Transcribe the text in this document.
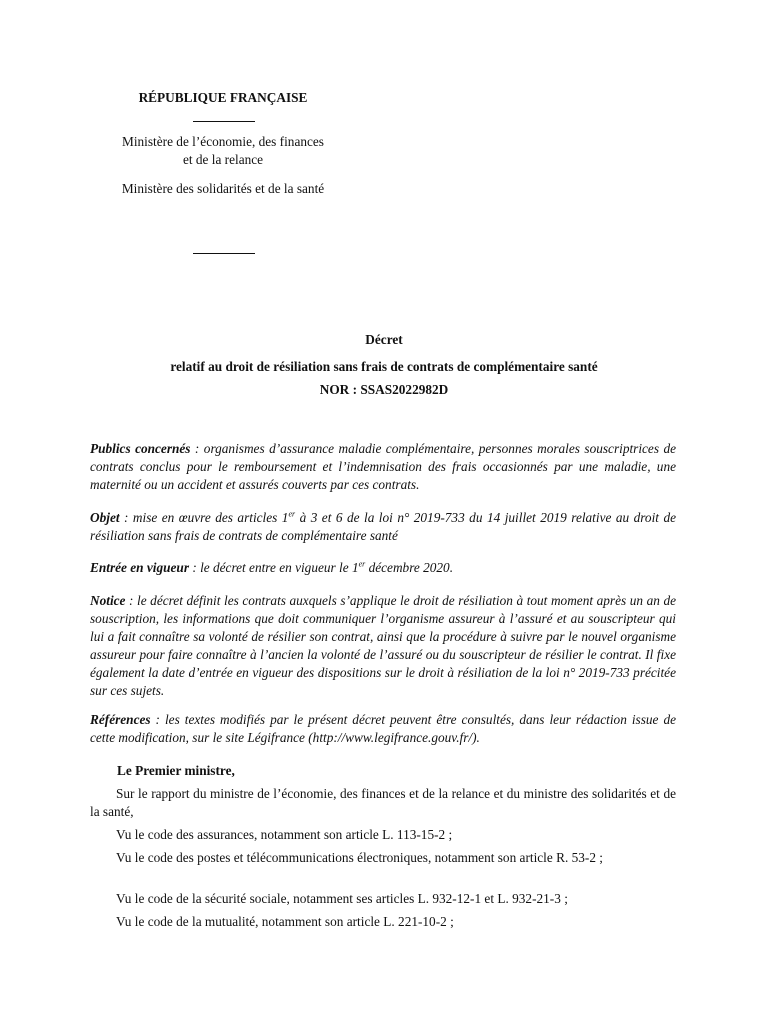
RÉPUBLIQUE FRANÇAISE
Ministère de l’économie, des finances
et de la relance
Ministère des solidarités et de la santé
Décret
relatif au droit de résiliation sans frais de contrats de complémentaire santé
NOR : SSAS2022982D

Publics concernés : organismes d’assurance maladie complémentaire, personnes morales souscriptrices de contrats conclus pour le remboursement et l’indemnisation des frais occasionnés par une maladie, une maternité ou un accident et assurés couverts par ces contrats.

Objet : mise en œuvre des articles 1er à 3 et 6 de la loi n° 2019-733 du 14 juillet 2019 relative au droit de résiliation sans frais de contrats de complémentaire santé

Entrée en vigueur : le décret entre en vigueur le 1er décembre 2020.

Notice : le décret définit les contrats auxquels s’applique le droit de résiliation à tout moment après un an de souscription, les informations que doit communiquer l’organisme assureur à l’assuré et au souscripteur qui lui a fait connaître sa volonté de résilier son contrat, ainsi que la procédure à suivre par le nouvel organisme assureur pour faire connaître à l’ancien la volonté de l’assuré ou du souscripteur de résilier le contrat. Il fixe également la date d’entrée en vigueur des dispositions sur le droit à résiliation de la loi n° 2019-733 précitée sur ces sujets.

Références : les textes modifiés par le présent décret peuvent être consultés, dans leur rédaction issue de cette modification, sur le site Légifrance (http://www.legifrance.gouv.fr/).

Le Premier ministre,

Sur le rapport du ministre de l’économie, des finances et de la relance et du ministre des solidarités et de la santé,

Vu le code des assurances, notamment son article L. 113-15-2 ;

Vu le code des postes et télécommunications électroniques, notamment son article R. 53-2 ;

Vu le code de la sécurité sociale, notamment ses articles L. 932-12-1 et L. 932-21-3 ;

Vu le code de la mutualité, notamment son article L. 221-10-2 ;
